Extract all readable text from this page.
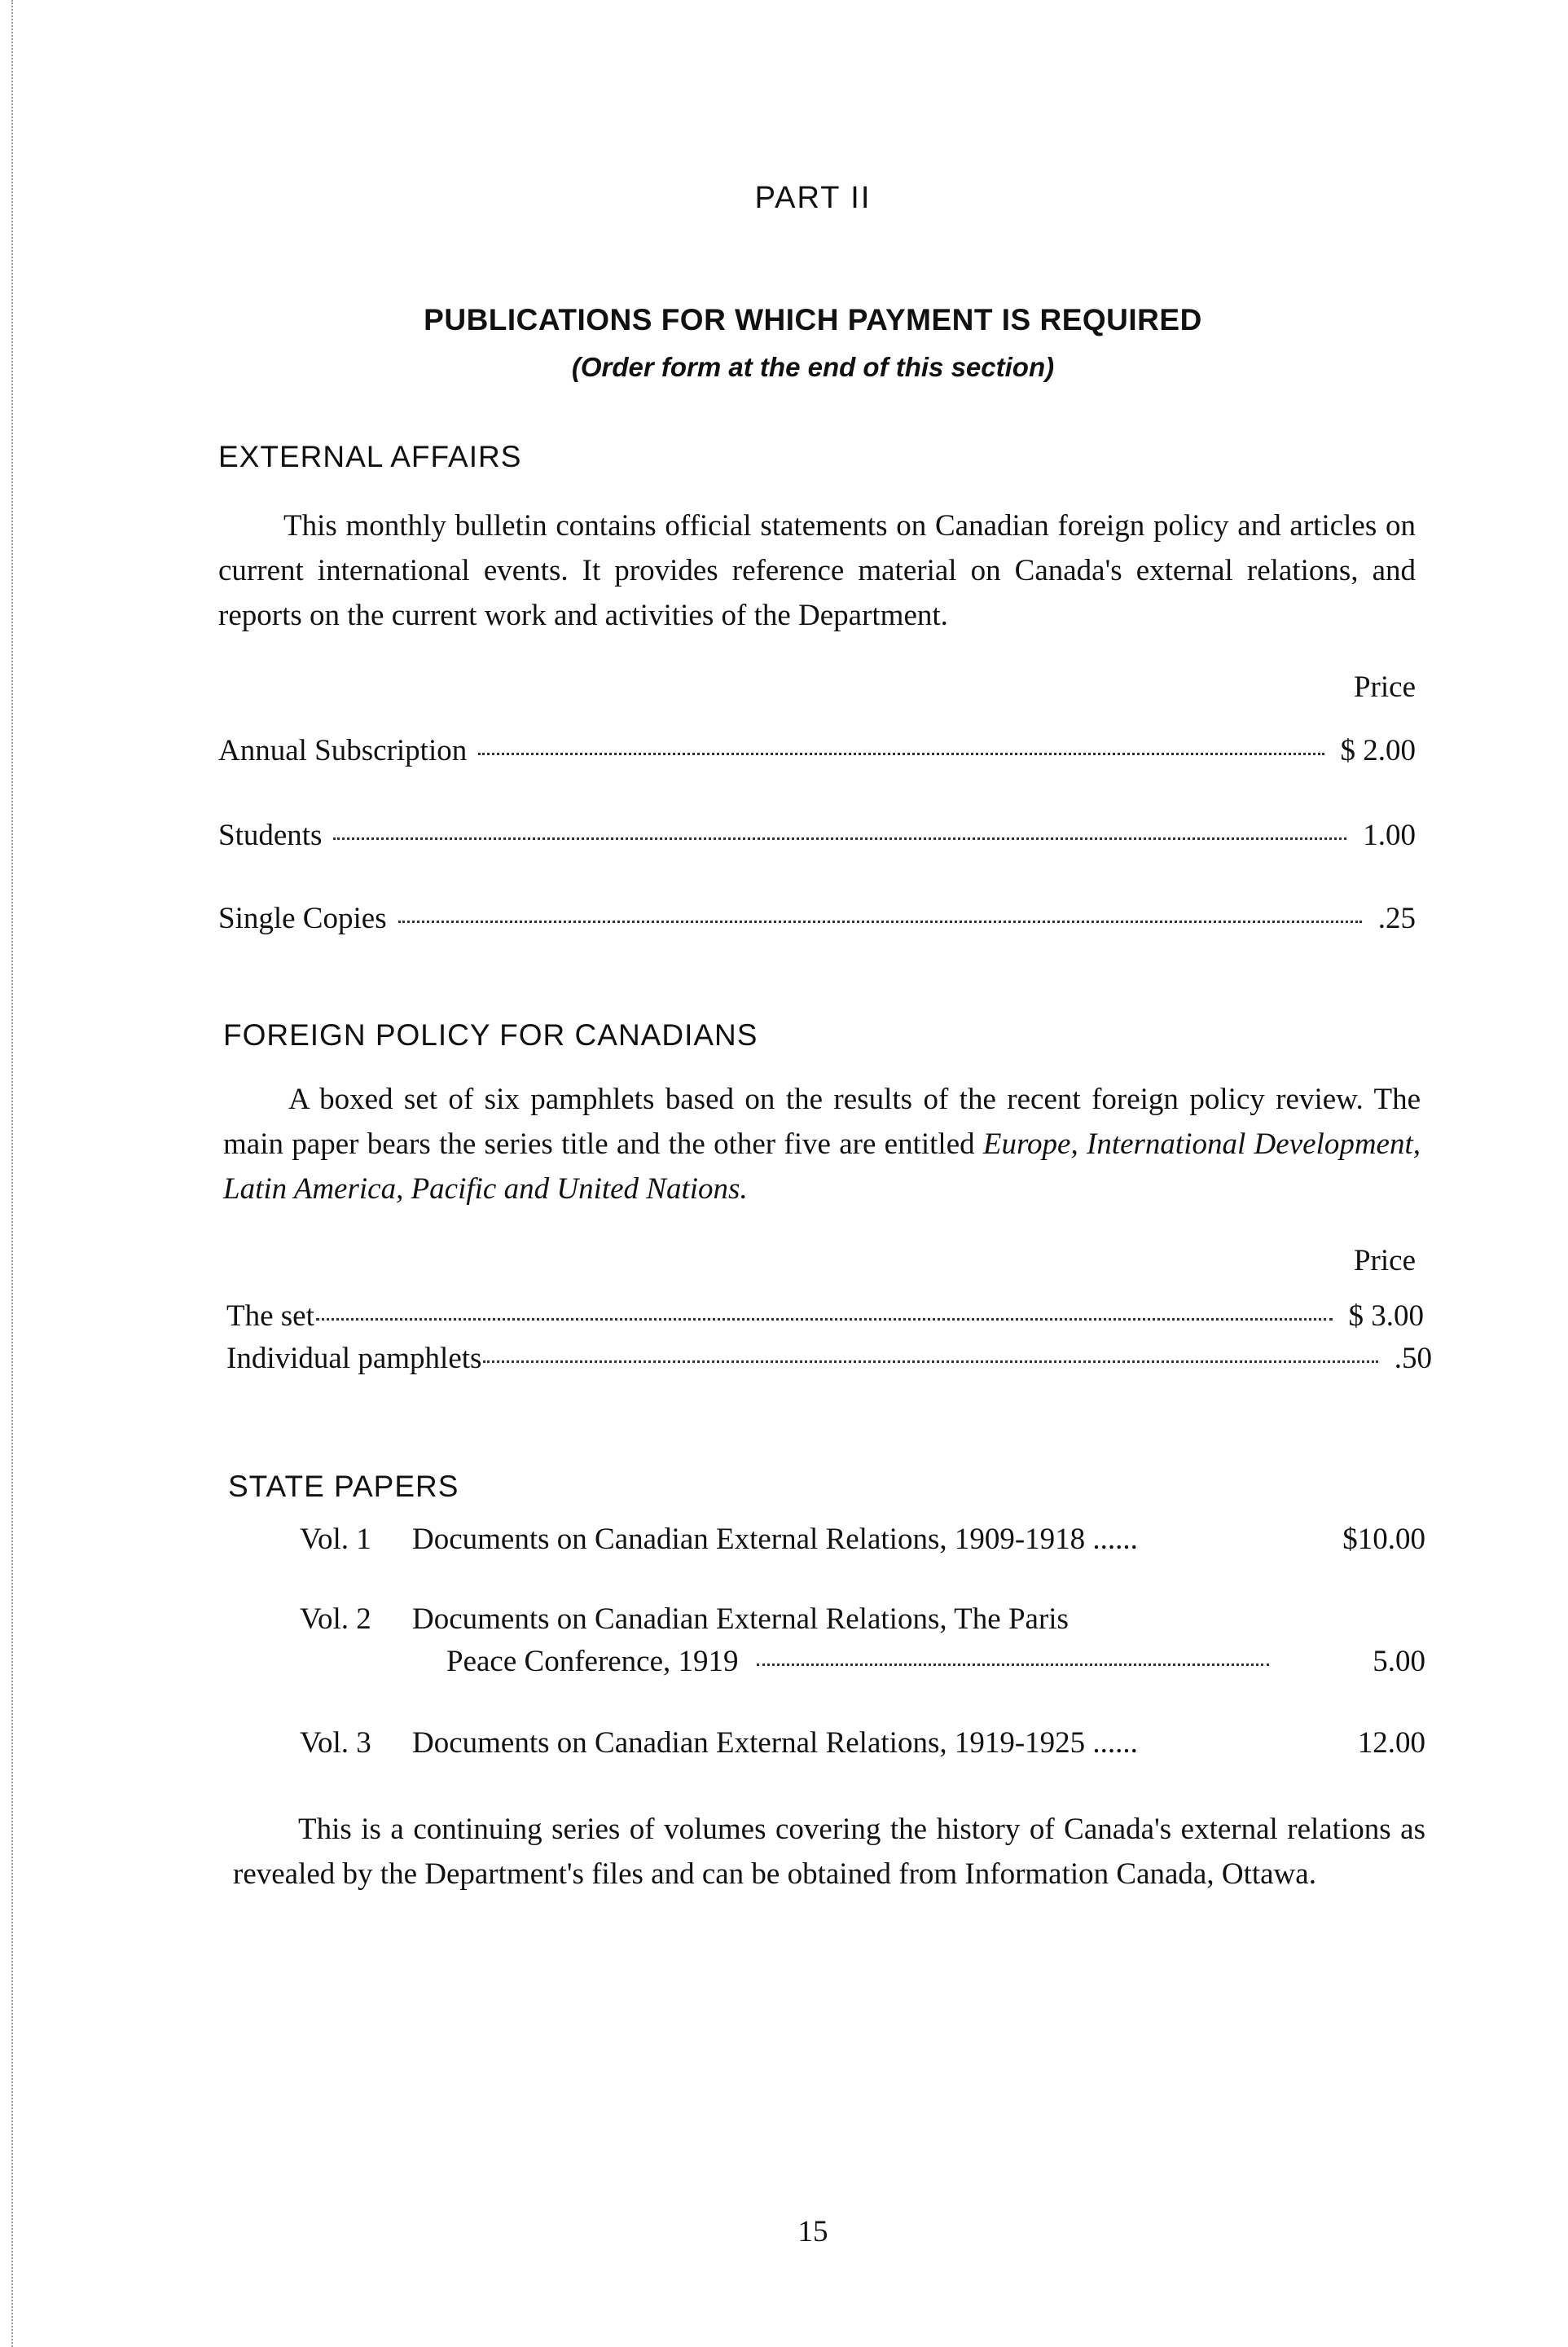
PART II
PUBLICATIONS FOR WHICH PAYMENT IS REQUIRED
(Order form at the end of this section)
EXTERNAL AFFAIRS
This monthly bulletin contains official statements on Canadian foreign policy and articles on current international events. It provides reference material on Canada's external relations, and reports on the current work and activities of the Department.
Price
Annual Subscription	$ 2.00
Students	1.00
Single Copies	.25
FOREIGN POLICY FOR CANADIANS
A boxed set of six pamphlets based on the results of the recent foreign policy review. The main paper bears the series title and the other five are entitled Europe, International Development, Latin America, Pacific and United Nations.
Price
The set	$ 3.00
Individual pamphlets	.50
STATE PAPERS
Vol. 1 Documents on Canadian External Relations, 1909-1918 ......	$10.00
Vol. 2 Documents on Canadian External Relations, The Paris
Peace Conference, 1919	5.00
Vol. 3 Documents on Canadian External Relations, 1919-1925 ......	12.00
This is a continuing series of volumes covering the history of Canada's external relations as revealed by the Department's files and can be obtained from Information Canada, Ottawa.
15
